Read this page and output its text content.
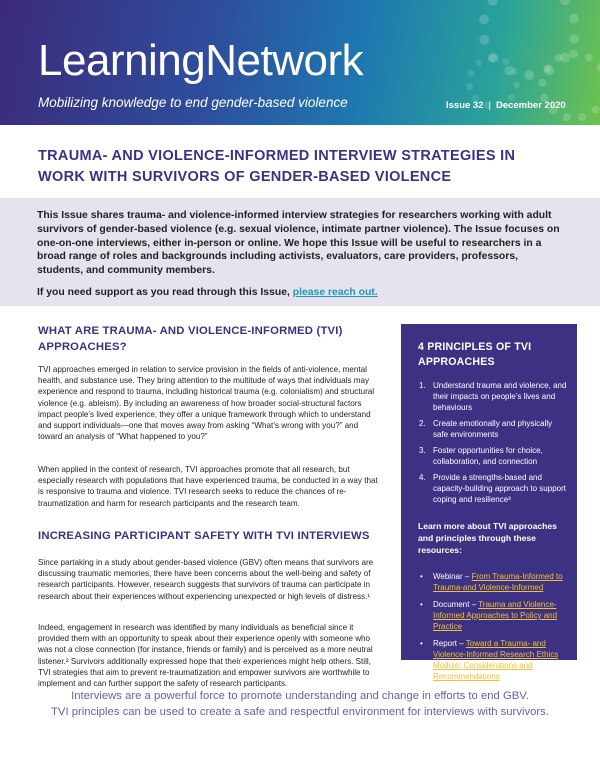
LearningNetwork
Mobilizing knowledge to end gender-based violence	Issue 32 | December 2020
TRAUMA- AND VIOLENCE-INFORMED INTERVIEW STRATEGIES IN
WORK WITH SURVIVORS OF GENDER-BASED VIOLENCE
This Issue shares trauma- and violence-informed interview strategies for researchers working with adult survivors of gender-based violence (e.g. sexual violence, intimate partner violence). The Issue focuses on one-on-one interviews, either in-person or online. We hope this Issue will be useful to researchers in a broad range of roles and backgrounds including activists, evaluators, care providers, professors, students, and community members.
If you need support as you read through this Issue, please reach out.
WHAT ARE TRAUMA- AND VIOLENCE-INFORMED (TVI)
APPROACHES?
TVI approaches emerged in relation to service provision in the fields of anti-violence, mental health, and substance use. They bring attention to the multitude of ways that individuals may experience and respond to trauma, including historical trauma (e.g. colonialism) and structural violence (e.g. ableism). By including an awareness of how broader social-structural factors impact people’s lived experience, they offer a unique framework through which to understand and support individuals—one that moves away from asking “What’s wrong with you?” and toward an analysis of “What happened to you?”
When applied in the context of research, TVI approaches promote that all research, but especially research with populations that have experienced trauma, be conducted in a way that is responsive to trauma and violence. TVI research seeks to reduce the chances of re-traumatization and harm for research participants and the research team.
INCREASING PARTICIPANT SAFETY WITH TVI INTERVIEWS
Since partaking in a study about gender-based violence (GBV) often means that survivors are discussing traumatic memories, there have been concerns about the well-being and safety of research participants. However, research suggests that survivors of trauma can participate in research about their experiences without experiencing unexpected or high levels of distress.¹
Indeed, engagement in research was identified by many individuals as beneficial since it provided them with an opportunity to speak about their experience openly with someone who was not a close connection (for instance, friends or family) and is perceived as a more neutral listener.² Survivors additionally expressed hope that their experiences might help others. Still, TVI strategies that aim to prevent re-traumatization and empower survivors are worthwhile to implement and can further support the safety of research participants.
4 PRINCIPLES OF TVI
APPROACHES
1. Understand trauma and violence, and their impacts on people’s lives and behaviours
2. Create emotionally and physically safe environments
3. Foster opportunities for choice, collaboration, and connection
4. Provide a strengths-based and capacity-building approach to support coping and resilience³
Learn more about TVI approaches and principles through these resources:
• Webinar – From Trauma-Informed to Trauma-and Violence-Informed
• Document – Trauma and Violence-Informed Approaches to Policy and Practice
• Report – Toward a Trauma- and Violence-Informed Research Ethics Module: Considerations and Recommendations
Interviews are a powerful force to promote understanding and change in efforts to end GBV.
TVI principles can be used to create a safe and respectful environment for interviews with survivors.
